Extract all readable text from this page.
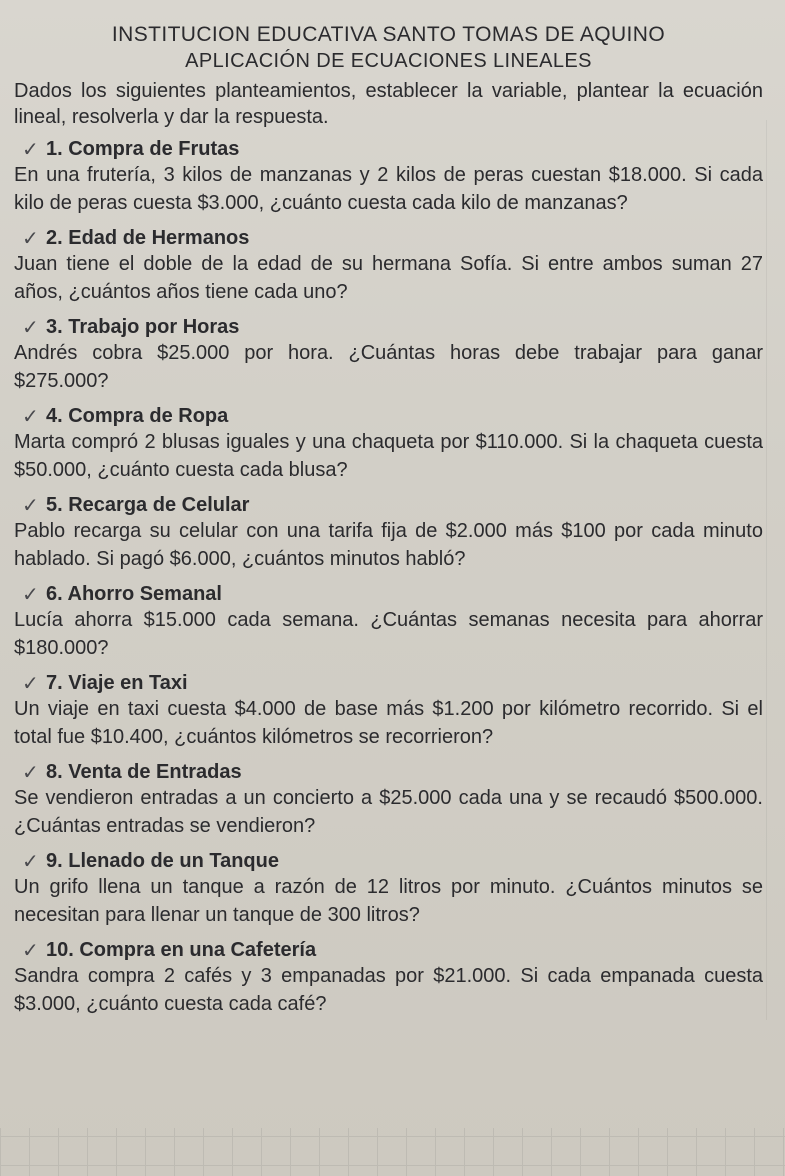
INSTITUCION EDUCATIVA SANTO TOMAS DE AQUINO
APLICACIÓN DE ECUACIONES LINEALES
Dados los siguientes planteamientos, establecer la variable, plantear la ecuación lineal, resolverla y dar la respuesta.
✓ 1. Compra de Frutas
En una frutería, 3 kilos de manzanas y 2 kilos de peras cuestan $18.000. Si cada kilo de peras cuesta $3.000, ¿cuánto cuesta cada kilo de manzanas?
✓ 2. Edad de Hermanos
Juan tiene el doble de la edad de su hermana Sofía. Si entre ambos suman 27 años, ¿cuántos años tiene cada uno?
✓ 3. Trabajo por Horas
Andrés cobra $25.000 por hora. ¿Cuántas horas debe trabajar para ganar $275.000?
✓ 4. Compra de Ropa
Marta compró 2 blusas iguales y una chaqueta por $110.000. Si la chaqueta cuesta $50.000, ¿cuánto cuesta cada blusa?
✓ 5. Recarga de Celular
Pablo recarga su celular con una tarifa fija de $2.000 más $100 por cada minuto hablado. Si pagó $6.000, ¿cuántos minutos habló?
✓ 6. Ahorro Semanal
Lucía ahorra $15.000 cada semana. ¿Cuántas semanas necesita para ahorrar $180.000?
✓ 7. Viaje en Taxi
Un viaje en taxi cuesta $4.000 de base más $1.200 por kilómetro recorrido. Si el total fue $10.400, ¿cuántos kilómetros se recorrieron?
✓ 8. Venta de Entradas
Se vendieron entradas a un concierto a $25.000 cada una y se recaudó $500.000. ¿Cuántas entradas se vendieron?
✓ 9. Llenado de un Tanque
Un grifo llena un tanque a razón de 12 litros por minuto. ¿Cuántos minutos se necesitan para llenar un tanque de 300 litros?
✓ 10. Compra en una Cafetería
Sandra compra 2 cafés y 3 empanadas por $21.000. Si cada empanada cuesta $3.000, ¿cuánto cuesta cada café?
